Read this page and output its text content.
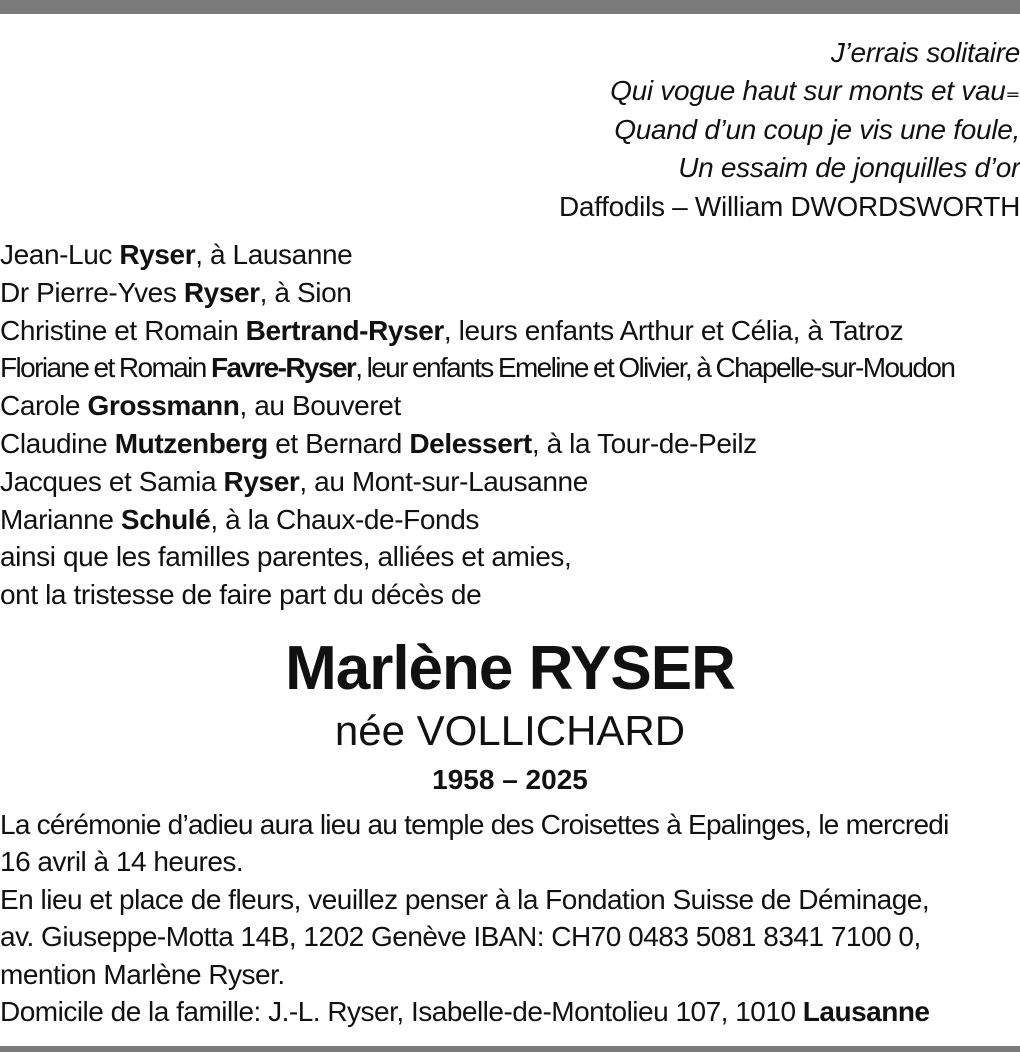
J’errais solitaire
Qui vogue haut sur monts et vau₌
Quand d’un coup je vis une foule,
Un essaim de jonquilles d’or
Daffodils – William DWORDSWORTH
Jean-Luc Ryser, à Lausanne
Dr Pierre-Yves Ryser, à Sion
Christine et Romain Bertrand-Ryser, leurs enfants Arthur et Célia, à Tatroz
Floriane et Romain Favre-Ryser, leur enfants Emeline et Olivier, à Chapelle-sur-Moudon
Carole Grossmann, au Bouveret
Claudine Mutzenberg et Bernard Delessert, à la Tour-de-Peilz
Jacques et Samia Ryser, au Mont-sur-Lausanne
Marianne Schulé, à la Chaux-de-Fonds
ainsi que les familles parentes, alliées et amies,
ont la tristesse de faire part du décès de
Marlène RYSER
née VOLLICHARD
1958 – 2025
La cérémonie d’adieu aura lieu au temple des Croisettes à Epalinges, le mercredi
16 avril à 14 heures.
En lieu et place de fleurs, veuillez penser à la Fondation Suisse de Déminage,
av. Giuseppe-Motta 14B, 1202 Genève IBAN: CH70 0483 5081 8341 7100 0,
mention Marlène Ryser.
Domicile de la famille: J.-L. Ryser, Isabelle-de-Montolieu 107, 1010 Lausanne
